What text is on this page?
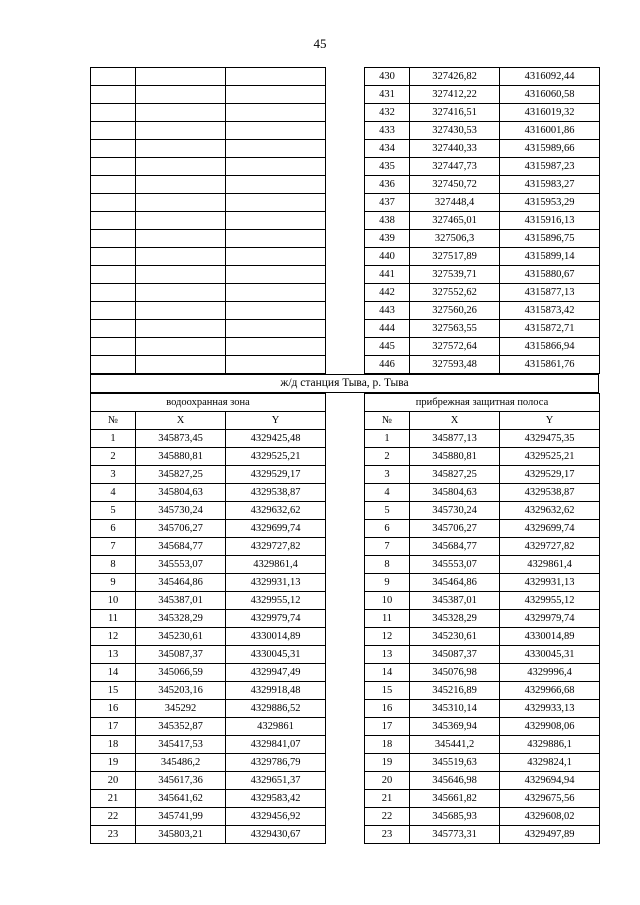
45

430	327426,82	4316092,44
431	327412,22	4316060,58
432	327416,51	4316019,32
433	327430,53	4316001,86
434	327440,33	4315989,66
435	327447,73	4315987,23
436	327450,72	4315983,27
437	327448,4	4315953,29
438	327465,01	4315916,13
439	327506,3	4315896,75
440	327517,89	4315899,14
441	327539,71	4315880,67
442	327552,62	4315877,13
443	327560,26	4315873,42
444	327563,55	4315872,71
445	327572,64	4315866,94
446	327593,48	4315861,76
ж/д станция Тыва, р. Тыва
водоохранная зона		
№	X	Y
1	345873,45	4329425,48
2	345880,81	4329525,21
3	345827,25	4329529,17
4	345804,63	4329538,87
5	345730,24	4329632,62
6	345706,27	4329699,74
7	345684,77	4329727,82
8	345553,07	4329861,4
9	345464,86	4329931,13
10	345387,01	4329955,12
11	345328,29	4329979,74
12	345230,61	4330014,89
13	345087,37	4330045,31
14	345066,59	4329947,49
15	345203,16	4329918,48
16	345292	4329886,52
17	345352,87	4329861
18	345417,53	4329841,07
19	345486,2	4329786,79
20	345617,36	4329651,37
21	345641,62	4329583,42
22	345741,99	4329456,92
23	345803,21	4329430,67
прибрежная защитная полоса		
№	X	Y
1	345877,13	4329475,35
2	345880,81	4329525,21
3	345827,25	4329529,17
4	345804,63	4329538,87
5	345730,24	4329632,62
6	345706,27	4329699,74
7	345684,77	4329727,82
8	345553,07	4329861,4
9	345464,86	4329931,13
10	345387,01	4329955,12
11	345328,29	4329979,74
12	345230,61	4330014,89
13	345087,37	4330045,31
14	345076,98	4329996,4
15	345216,89	4329966,68
16	345310,14	4329933,13
17	345369,94	4329908,06
18	345441,2	4329886,1
19	345519,63	4329824,1
20	345646,98	4329694,94
21	345661,82	4329675,56
22	345685,93	4329608,02
23	345773,31	4329497,89
